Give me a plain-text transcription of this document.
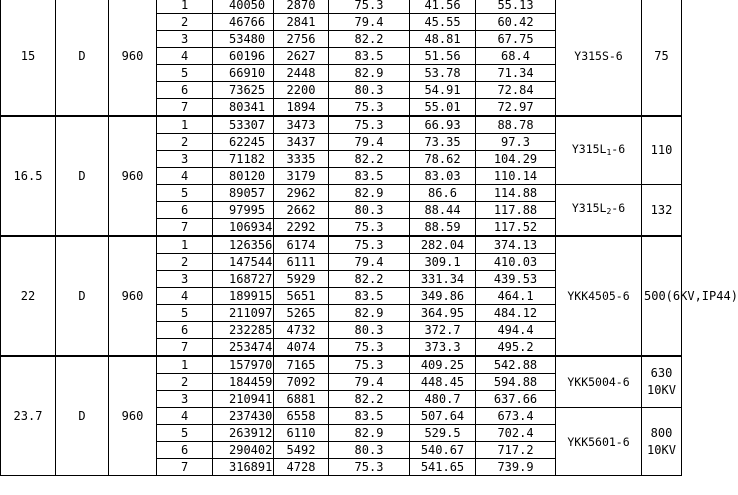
15	D	960	1	40050	2870	75.3	41.56	55.13	Y315S-6	75
			2	46766	2841	79.4	45.55	60.42		
			3	53480	2756	82.2	48.81	67.75		
			4	60196	2627	83.5	51.56	68.4		
			5	66910	2448	82.9	53.78	71.34		
			6	73625	2200	80.3	54.91	72.84		
			7	80341	1894	75.3	55.01	72.97		
16.5	D	960	1	53307	3473	75.3	66.93	88.78	$Y315L_1-6$	110
			2	62245	3437	79.4	73.35	97.3		
			3	71182	3335	82.2	78.62	104.29		
			4	80120	3179	83.5	83.03	110.14		
			5	89057	2962	82.9	86.6	114.88	$Y315L_2-6$	132
			6	97995	2662	80.3	88.44	117.88		
			7	106934	2292	75.3	88.59	117.52		
22	D	960	1	126356	6174	75.3	282.04	374.13	YKK4505-6	500(6KV,IP44)
			2	147544	6111	79.4	309.1	410.03		
			3	168727	5929	82.2	331.34	439.53		
			4	189915	5651	83.5	349.86	464.1		
			5	211097	5265	82.9	364.95	484.12		
			6	232285	4732	80.3	372.7	494.4		
			7	253474	4074	75.3	373.3	495.2		
23.7	D	960	1	157970	7165	75.3	409.25	542.88	YKK5004-6	630
10KV
			2	184459	7092	79.4	448.45	594.88		
			3	210941	6881	82.2	480.7	637.66		
			4	237430	6558	83.5	507.64	673.4	YKK5601-6	800
10KV
			5	263912	6110	82.9	529.5	702.4		
			6	290402	5492	80.3	540.67	717.2		
			7	316891	4728	75.3	541.65	739.9		
